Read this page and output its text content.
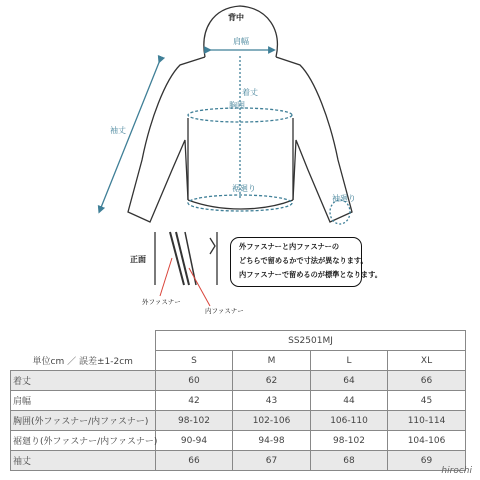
背中
肩幅
着丈
胸囲
裾廻り
袖丈
袖廻り
正面
外ファスナー
内ファスナー
外ファスナーと内ファスナーの
どちらで留めるかで寸法が異なります。
内ファスナーで留めるのが標準となります。
	SS2501MJ			
単位cm ／ 誤差±1-2cm	S	M	L	XL
着丈	60	62	64	66
肩幅	42	43	44	45
胸囲(外ファスナー/内ファスナー)	98-102	102-106	106-110	110-114
裾廻り(外ファスナー/内ファスナー)	90-94	94-98	98-102	104-106
袖丈	66	67	68	69
hirochi
